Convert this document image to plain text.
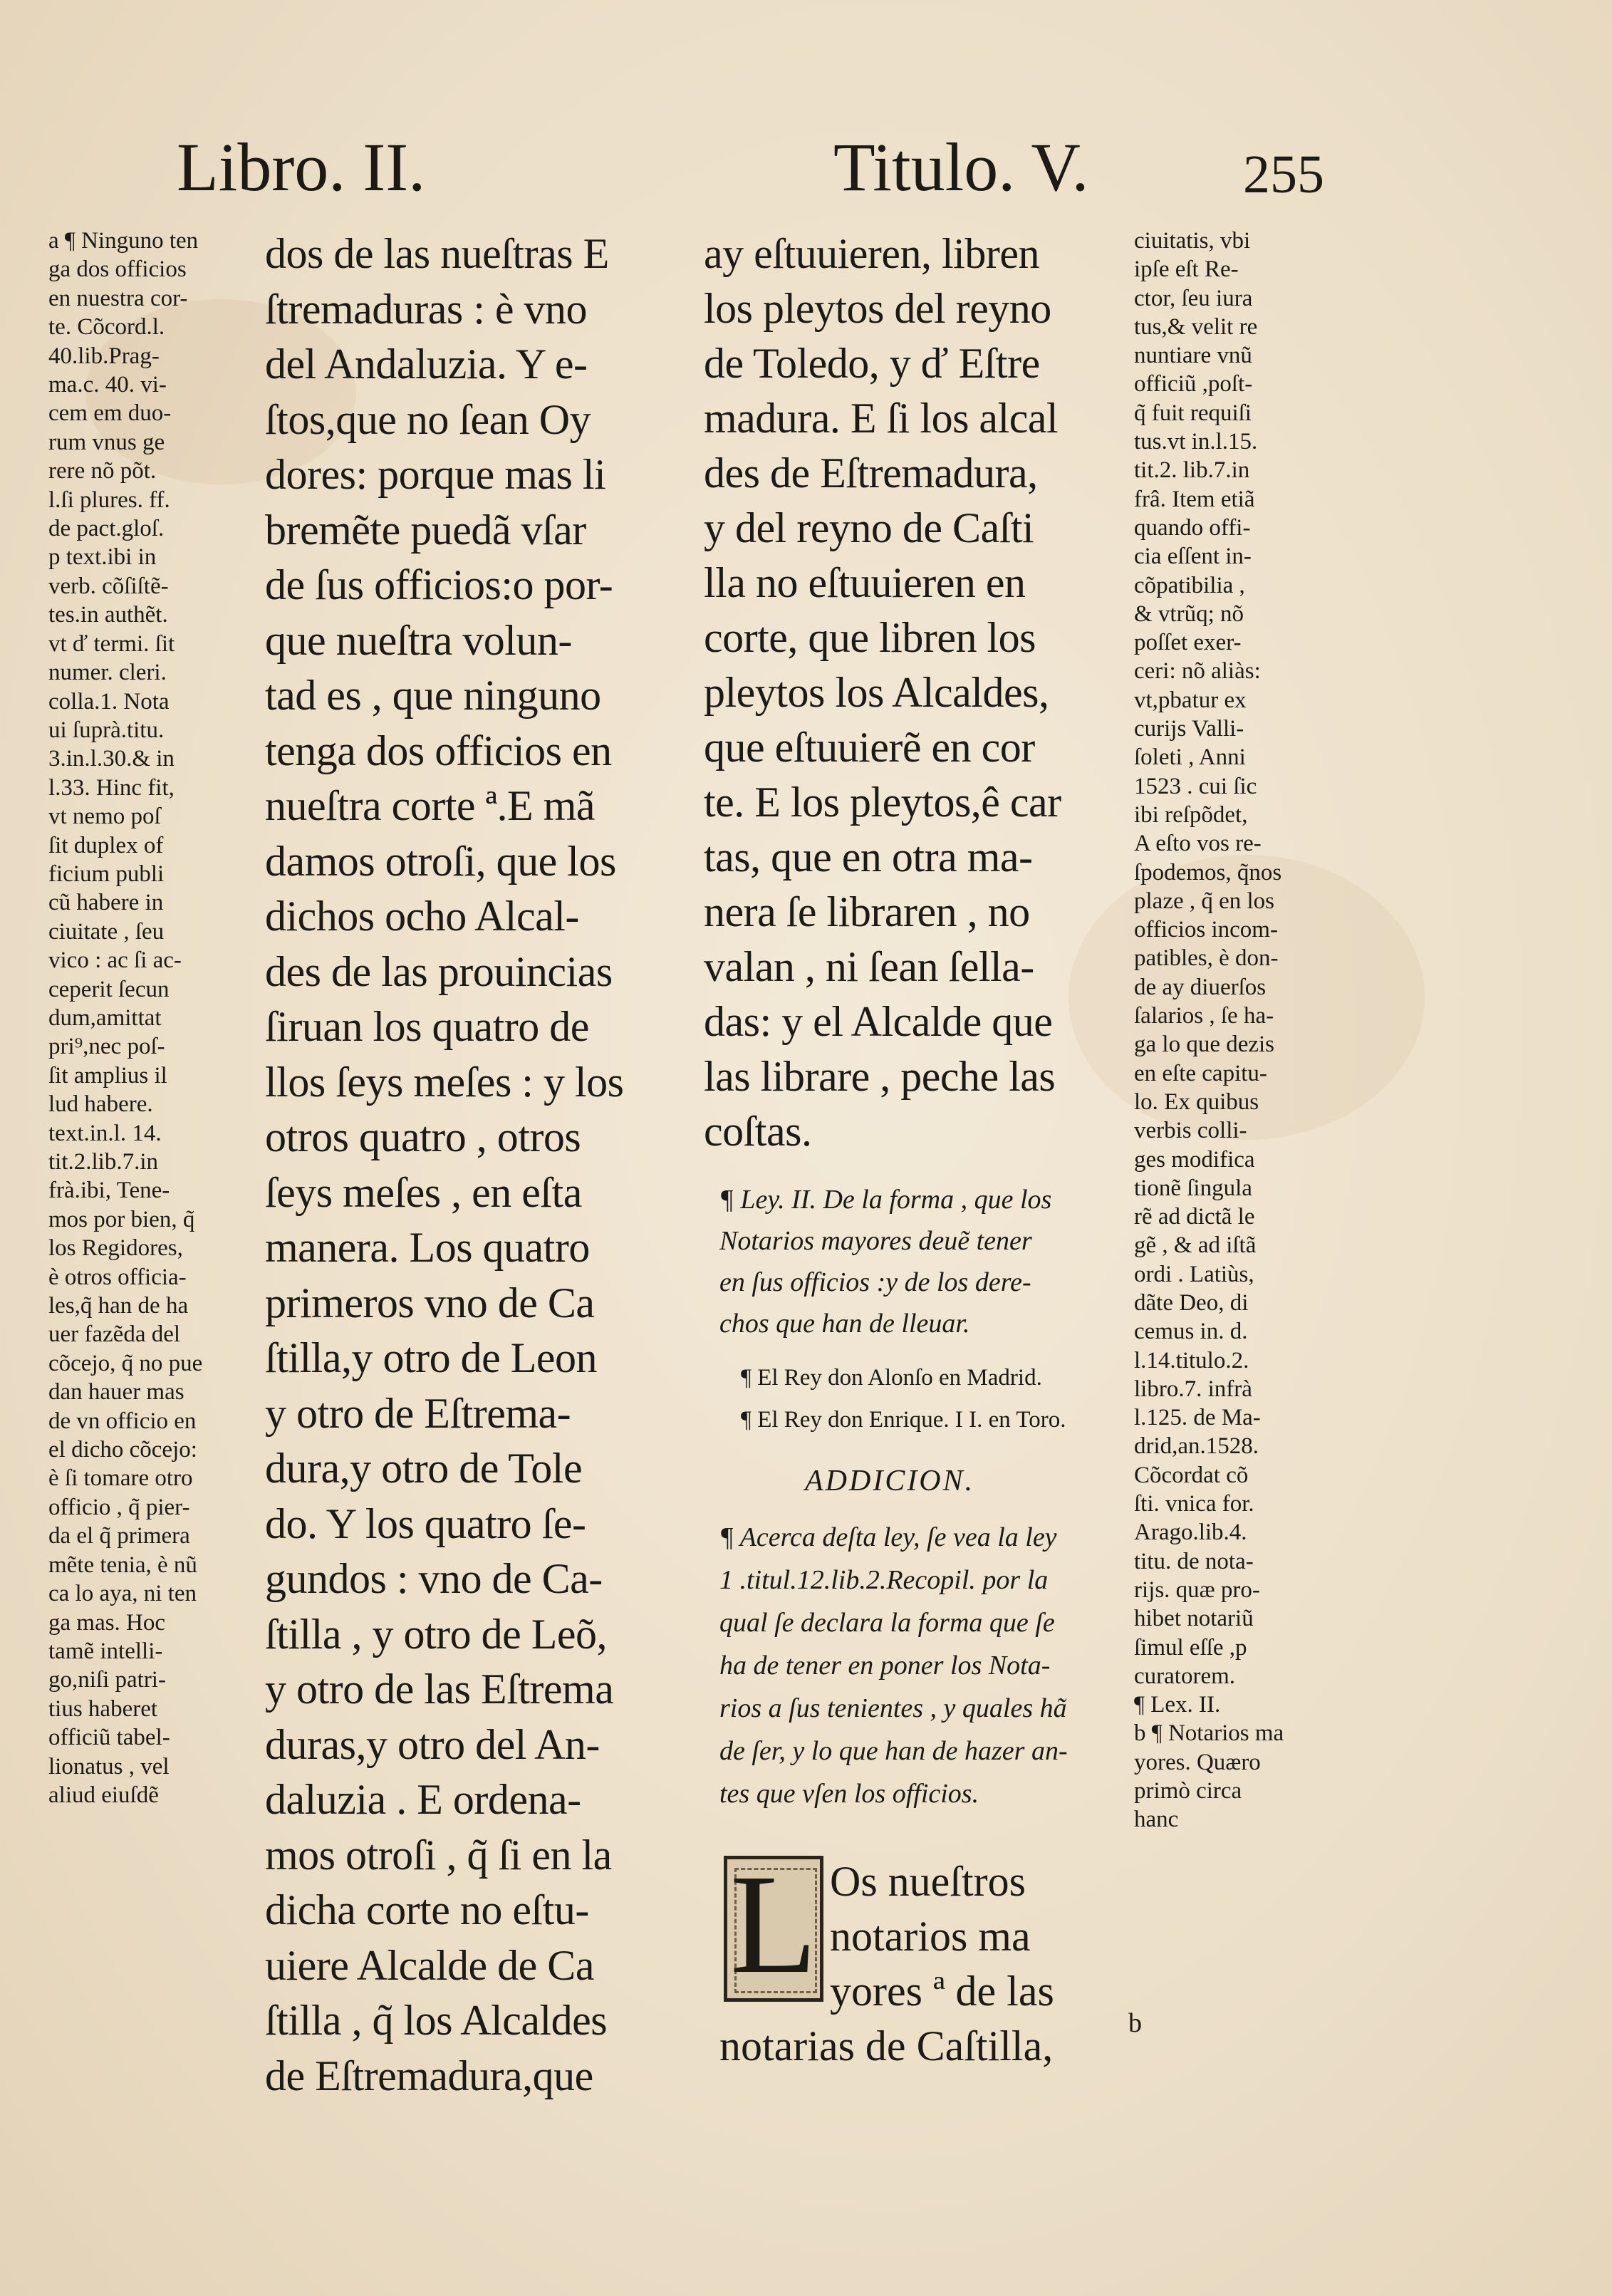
Libro. II.	Titulo. V.	255
a ¶ Ninguno ten
ga dos officios
en nuestra cor-
te. Cõcord.l.
40.lib.Prag-
ma.c. 40. vi-
cem em duo-
rum vnus ge
rere nõ põt.
l.ſi plures. ff.
de pact.gloſ.
p text.ibi in
verb. cõſiſtẽ-
tes.in authẽt.
vt ď termi. ſit
numer. cleri.
colla.1. Nota
ui ſuprà.titu.
3.in.l.30.& in
l.33. Hinc fit,
vt nemo poſ
ſit duplex of
ficium publi
cũ habere in
ciuitate , ſeu
vico : ac ſi ac-
ceperit ſecun
dum,amittat
pri⁹,nec poſ-
ſit amplius il
lud habere.
text.in.l. 14.
tit.2.lib.7.in
frà.ibi, Tene-
mos por bien, q̃
los Regidores,
è otros officia-
les,q̃ han de ha
uer fazẽda del
cõcejo, q̃ no pue
dan hauer mas
de vn officio en
el dicho cõcejo:
è ſi tomare otro
officio , q̃ pier-
da el q̃ primera
mẽte tenia, è nũ
ca lo aya, ni ten
ga mas. Hoc
tamẽ intelli-
go,niſi patri-
tius haberet
officiũ tabel-
lionatus , vel
aliud eiuſdẽ
dos de las nueſtras E
ſtremaduras : è vno
del Andaluzia. Y e-
ſtos,que no ſean Oy
dores: porque mas li
bremẽte puedã vſar
de ſus officios:o por-
que nueſtra volun-
tad es , que ninguno
tenga dos officios en
nueſtra corte ª.E mã
damos otroſi, que los
dichos ocho Alcal-
des de las prouincias
ſiruan los quatro de
llos ſeys meſes : y los
otros quatro , otros
ſeys meſes , en eſta
manera. Los quatro
primeros vno de Ca
ſtilla,y otro de Leon
y otro de Eſtrema-
dura,y otro de Tole
do. Y los quatro ſe-
gundos : vno de Ca-
ſtilla , y otro de Leõ,
y otro de las Eſtrema
duras,y otro del An-
daluzia . E ordena-
mos otroſi , q̃ ſi en la
dicha corte no eſtu-
uiere Alcalde de Ca
ſtilla , q̃ los Alcaldes
de Eſtremadura,que
ay eſtuuieren, libren
los pleytos del reyno
de Toledo, y ď Eſtre
madura. E ſi los alcal
des de Eſtremadura,
y del reyno de Caſti
lla no eſtuuieren en
corte, que libren los
pleytos los Alcaldes,
que eſtuuierẽ en cor
te. E los pleytos,ê car
tas, que en otra ma-
nera ſe libraren , no
valan , ni ſean ſella-
das: y el Alcalde que
las librare , peche las
coſtas.
¶ Ley. II. De la forma , que los
Notarios mayores deuẽ tener
en ſus officios :y de los dere-
chos que han de lleuar.
¶ El Rey don Alonſo en Madrid.
¶ El Rey don Enrique. I I. en Toro.
ADDICION.
¶ Acerca deſta ley, ſe vea la ley
1 .titul.12.lib.2.Recopil. por la
qual ſe declara la forma que ſe
ha de tener en poner los Nota-
rios a ſus tenientes , y quales hã
de ſer, y lo que han de hazer an-
tes que vſen los officios.
L Os nueſtros
notarios ma
yores ª de las
notarias de Caſtilla,	b
ciuitatis, vbi
ipſe eſt Re-
ctor, ſeu iura
tus,& velit re
nuntiare vnũ
officiũ ,poſt-
q̃ fuit requiſi
tus.vt in.l.15.
tit.2. lib.7.in
frâ. Item etiã
quando offi-
cia eſſent in-
cõpatibilia ,
& vtrũq; nõ
poſſet exer-
ceri: nõ aliàs:
vt,pbatur ex
curijs Valli-
ſoleti , Anni
1523 . cui ſic
ibi reſpõdet,
A eſto vos re-
ſpodemos, q̃nos
plaze , q̃ en los
officios incom-
patibles, è don-
de ay diuerſos
ſalarios , ſe ha-
ga lo que dezis
en eſte capitu-
lo. Ex quibus
verbis colli-
ges modifica
tionẽ ſingula
rẽ ad dictã le
gẽ , & ad iſtã
ordi . Latiùs,
dãte Deo, di
cemus in. d.
l.14.titulo.2.
libro.7. infrà
l.125. de Ma-
drid,an.1528.
Cõcordat cõ
ſti. vnica for.
Arago.lib.4.
titu. de nota-
rijs. quæ pro-
hibet notariũ
ſimul eſſe ,p
curatorem.
¶ Lex. II.
b ¶ Notarios ma
yores. Quæro
primò circa
hanc
